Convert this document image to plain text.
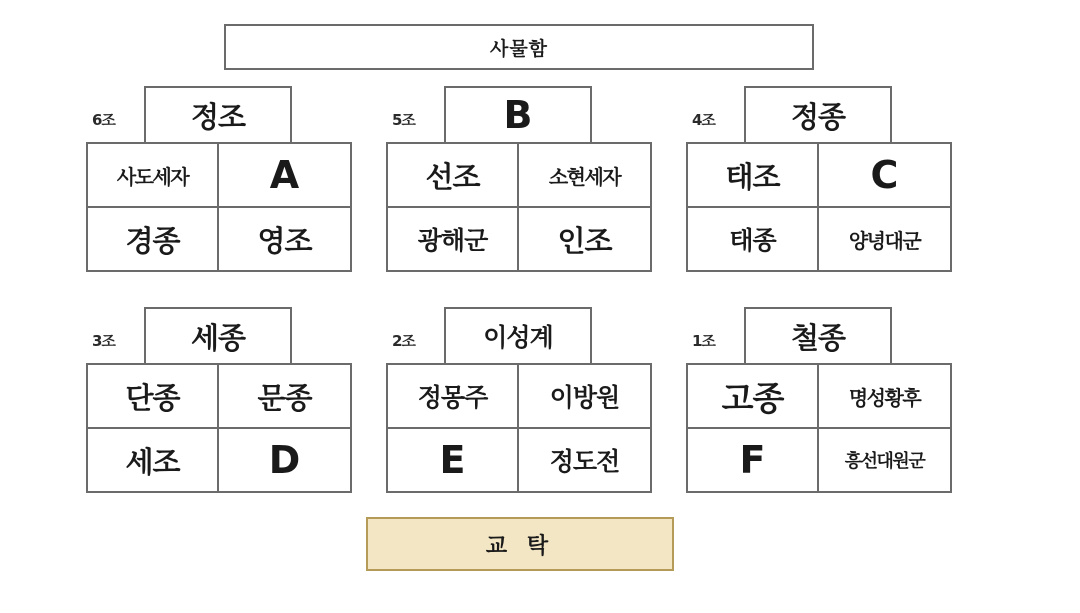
사물함
6조	정조
사도세자 A
경종	영조
5조 B
선조	소현세자
광해군 인조
4조	정종
태조 C
태종	양녕대군
3조	세종
단종	문종
세조 D
2조	이성계
정몽주	이방원
E	정도전
1조	철종
고종	명성황후
F	흥선대원군
교 탁
